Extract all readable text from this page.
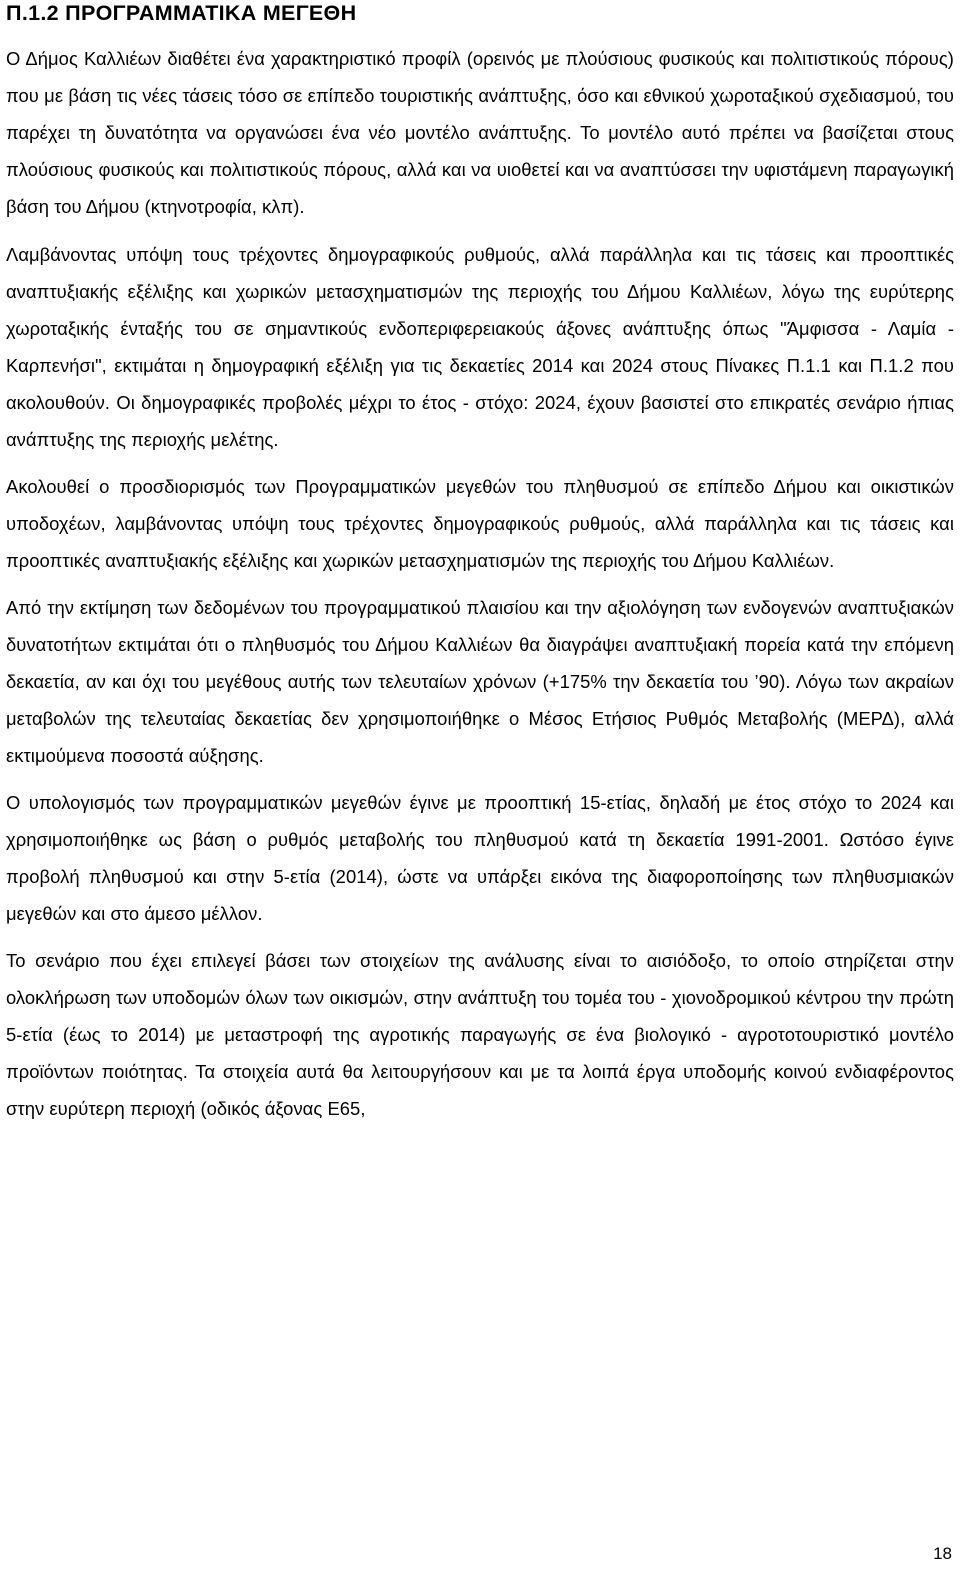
Π.1.2 ΠΡΟΓΡΑΜΜΑΤΙΚΑ ΜΕΓΕΘΗ

Ο Δήμος Καλλιέων διαθέτει ένα χαρακτηριστικό προφίλ (ορεινός με πλούσιους φυσικούς και πολιτιστικούς πόρους) που με βάση τις νέες τάσεις τόσο σε επίπεδο τουριστικής ανάπτυξης, όσο και εθνικού χωροταξικού σχεδιασμού, του παρέχει τη δυνατότητα να οργανώσει ένα νέο μοντέλο ανάπτυξης. Το μοντέλο αυτό πρέπει να βασίζεται στους πλούσιους φυσικούς και πολιτιστικούς πόρους, αλλά και να υιοθετεί και να αναπτύσσει την υφιστάμενη παραγωγική βάση του Δήμου (κτηνοτροφία, κλπ).

Λαμβάνοντας υπόψη τους τρέχοντες δημογραφικούς ρυθμούς, αλλά παράλληλα και τις τάσεις και προοπτικές αναπτυξιακής εξέλιξης και χωρικών μετασχηματισμών της περιοχής του Δήμου Καλλιέων, λόγω της ευρύτερης χωροταξικής ένταξής του σε σημαντικούς ενδοπεριφερειακούς άξονες ανάπτυξης όπως "Άμφισσα - Λαμία - Καρπενήσι", εκτιμάται η δημογραφική εξέλιξη για τις δεκαετίες 2014 και 2024 στους Πίνακες Π.1.1 και Π.1.2 που ακολουθούν. Οι δημογραφικές προβολές μέχρι το έτος - στόχο: 2024, έχουν βασιστεί στο επικρατές σενάριο ήπιας ανάπτυξης της περιοχής μελέτης.

Ακολουθεί ο προσδιορισμός των Προγραμματικών μεγεθών του πληθυσμού σε επίπεδο Δήμου και οικιστικών υποδοχέων, λαμβάνοντας υπόψη τους τρέχοντες δημογραφικούς ρυθμούς, αλλά παράλληλα και τις τάσεις και προοπτικές αναπτυξιακής εξέλιξης και χωρικών μετασχηματισμών της περιοχής του Δήμου Καλλιέων.

Από την εκτίμηση των δεδομένων του προγραμματικού πλαισίου και την αξιολόγηση των ενδογενών αναπτυξιακών δυνατοτήτων εκτιμάται ότι ο πληθυσμός του Δήμου Καλλιέων θα διαγράψει αναπτυξιακή πορεία κατά την επόμενη δεκαετία, αν και όχι του μεγέθους αυτής των τελευταίων χρόνων (+175% την δεκαετία του ’90). Λόγω των ακραίων μεταβολών της τελευταίας δεκαετίας δεν χρησιμοποιήθηκε ο Μέσος Ετήσιος Ρυθμός Μεταβολής (ΜΕΡΔ), αλλά εκτιμούμενα ποσοστά αύξησης.

Ο υπολογισμός των προγραμματικών μεγεθών έγινε με προοπτική 15-ετίας, δηλαδή με έτος στόχο το 2024 και χρησιμοποιήθηκε ως βάση ο ρυθμός μεταβολής του πληθυσμού κατά τη δεκαετία 1991-2001. Ωστόσο έγινε προβολή πληθυσμού και στην 5-ετία (2014), ώστε να υπάρξει εικόνα της διαφοροποίησης των πληθυσμιακών μεγεθών και στο άμεσο μέλλον.

Το σενάριο που έχει επιλεγεί βάσει των στοιχείων της ανάλυσης είναι το αισιόδοξο, το οποίο στηρίζεται στην ολοκλήρωση των υποδομών όλων των οικισμών, στην ανάπτυξη του τομέα του - χιονοδρομικού κέντρου την πρώτη 5-ετία (έως το 2014) με μεταστροφή της αγροτικής παραγωγής σε ένα βιολογικό - αγροτοτουριστικό μοντέλο προϊόντων ποιότητας. Τα στοιχεία αυτά θα λειτουργήσουν και με τα λοιπά έργα υποδομής κοινού ενδιαφέροντος στην ευρύτερη περιοχή (οδικός άξονας Ε65,

18
